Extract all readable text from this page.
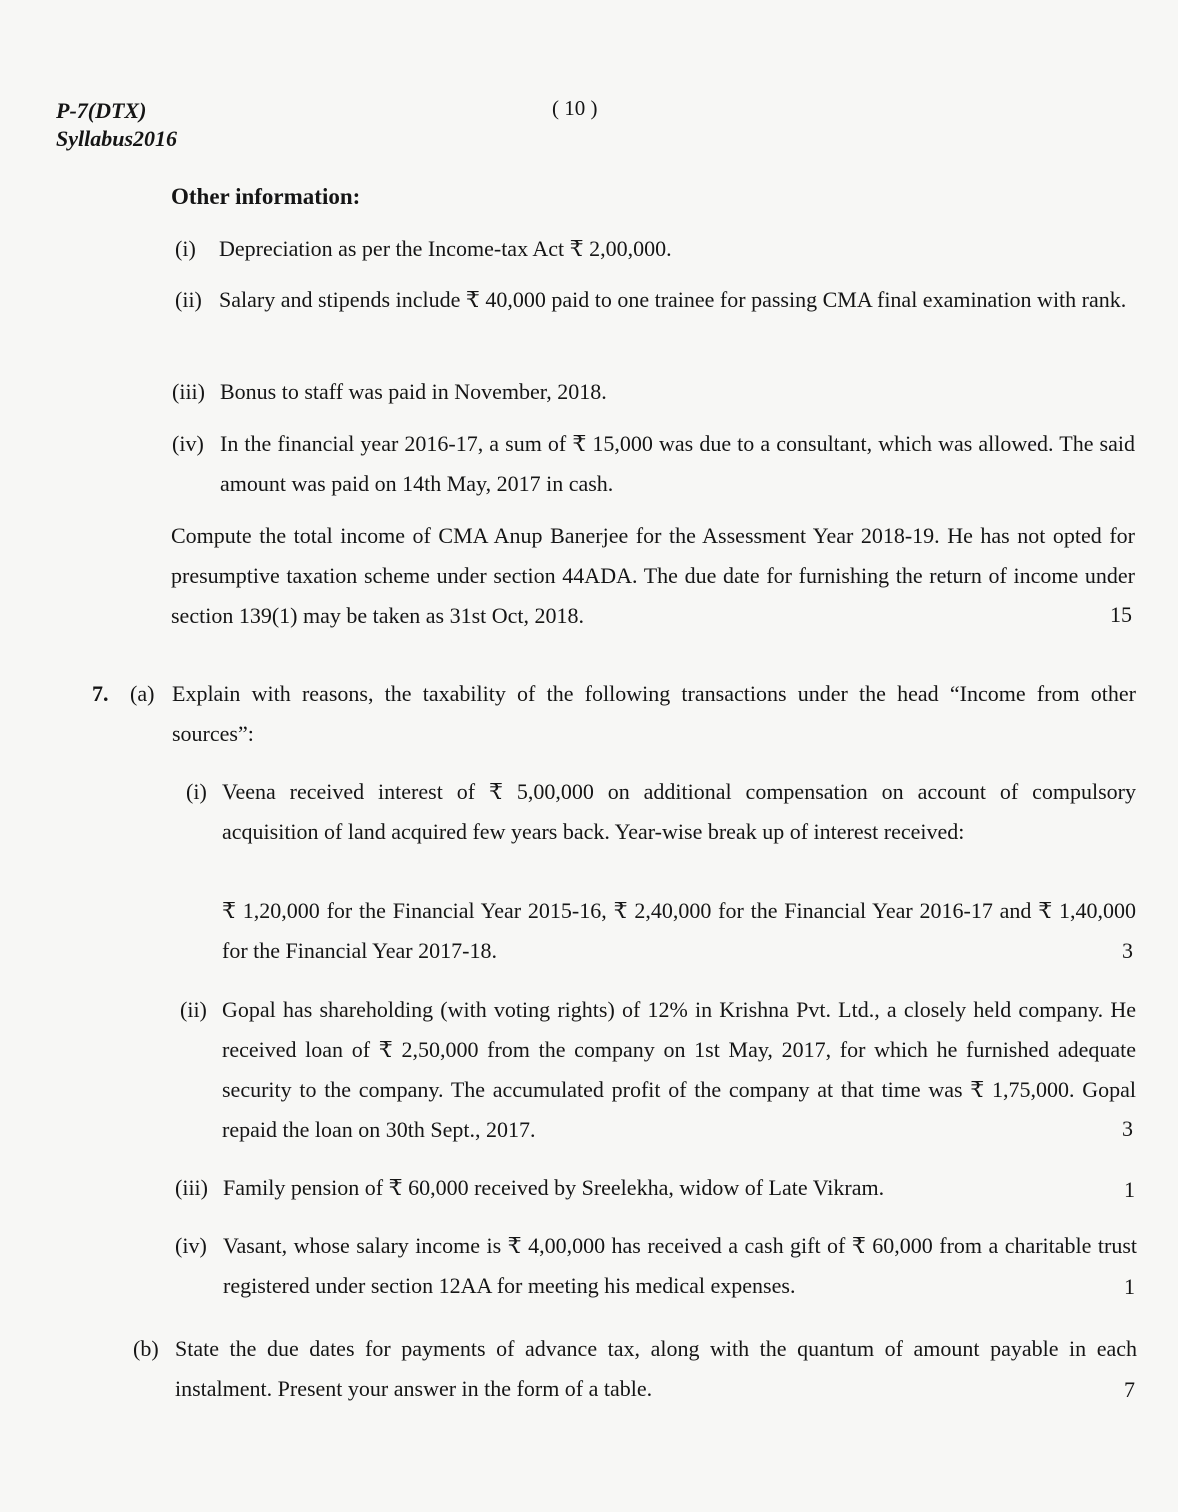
P-7(DTX)
Syllabus2016
( 10 )
Other information:
(i) Depreciation as per the Income-tax Act ₹ 2,00,000.
(ii) Salary and stipends include ₹ 40,000 paid to one trainee for passing CMA final examination with rank.
(iii) Bonus to staff was paid in November, 2018.
(iv) In the financial year 2016-17, a sum of ₹ 15,000 was due to a consultant, which was allowed. The said amount was paid on 14th May, 2017 in cash.
Compute the total income of CMA Anup Banerjee for the Assessment Year 2018-19. He has not opted for presumptive taxation scheme under section 44ADA. The due date for furnishing the return of income under section 139(1) may be taken as 31st Oct, 2018.	15
7. (a) Explain with reasons, the taxability of the following transactions under the head “Income from other sources”:
(i) Veena received interest of ₹ 5,00,000 on additional compensation on account of compulsory acquisition of land acquired few years back. Year-wise break up of interest received:
₹ 1,20,000 for the Financial Year 2015-16, ₹ 2,40,000 for the Financial Year 2016-17 and ₹ 1,40,000 for the Financial Year 2017-18.	3
(ii) Gopal has shareholding (with voting rights) of 12% in Krishna Pvt. Ltd., a closely held company. He received loan of ₹ 2,50,000 from the company on 1st May, 2017, for which he furnished adequate security to the company. The accumulated profit of the company at that time was ₹ 1,75,000. Gopal repaid the loan on 30th Sept., 2017.	3
(iii) Family pension of ₹ 60,000 received by Sreelekha, widow of Late Vikram.	1
(iv) Vasant, whose salary income is ₹ 4,00,000 has received a cash gift of ₹ 60,000 from a charitable trust registered under section 12AA for meeting his medical expenses.	1
(b) State the due dates for payments of advance tax, along with the quantum of amount payable in each instalment. Present your answer in the form of a table.	7
